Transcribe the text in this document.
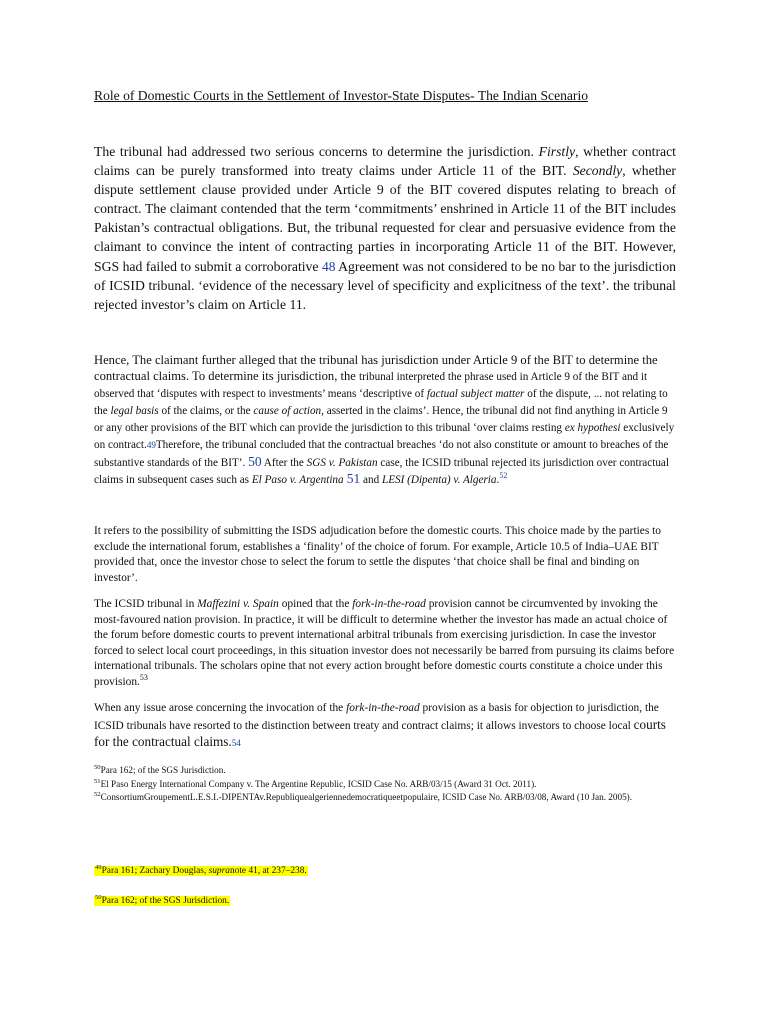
Role of Domestic Courts in the Settlement of Investor-State Disputes- The Indian Scenario

The tribunal had addressed two serious concerns to determine the jurisdiction. Firstly, whether contract claims can be purely transformed into treaty claims under Article 11 of the BIT. Secondly, whether dispute settlement clause provided under Article 9 of the BIT covered disputes relating to breach of contract. The claimant contended that the term ‘commitments’ enshrined in Article 11 of the BIT includes Pakistan’s contractual obligations. But, the tribunal requested for clear and persuasive evidence from the claimant to convince the intent of contracting parties in incorporating Article 11 of the BIT. However, SGS had failed to submit a corroborative 48 Agreement was not considered to be no bar to the jurisdiction of ICSID tribunal. ‘evidence of the necessary level of specificity and explicitness of the text’. the tribunal rejected investor’s claim on Article 11.

Hence, The claimant further alleged that the tribunal has jurisdiction under Article 9 of the BIT to determine the contractual claims. To determine its jurisdiction, the tribunal interpreted the phrase used in Article 9 of the BIT and it observed that ‘disputes with respect to investments’ means ‘descriptive of factual subject matter of the dispute, ... not relating to the legal basis of the claims, or the cause of action, asserted in the claims’. Hence, the tribunal did not find anything in Article 9 or any other provisions of the BIT which can provide the jurisdiction to this tribunal ‘over claims resting ex hypothesi exclusively on contract.49Therefore, the tribunal concluded that the contractual breaches ‘do not also constitute or amount to breaches of the substantive standards of the BIT’. 50 After the SGS v. Pakistan case, the ICSID tribunal rejected its jurisdiction over contractual claims in subsequent cases such as El Paso v. Argentina 51 and LESI (Dipenta) v. Algeria.$^{52}$

It refers to the possibility of submitting the ISDS adjudication before the domestic courts. This choice made by the parties to exclude the international forum, establishes a ‘finality’ of the choice of forum. For example, Article 10.5 of India–UAE BIT provided that, once the investor chose to select the forum to settle the disputes ‘that choice shall be final and binding on investor’.

The ICSID tribunal in Maffezini v. Spain opined that the fork-in-the-road provision cannot be circumvented by invoking the most-favoured nation provision. In practice, it will be difficult to determine whether the investor has made an actual choice of the forum before domestic courts to prevent international arbitral tribunals from exercising jurisdiction. In case the investor forced to select local court proceedings, in this situation investor does not necessarily be barred from pursuing its claims before international tribunals. The scholars opine that not every action brought before domestic courts constitute a choice under this provision.$^{53}$

When any issue arose concerning the invocation of the fork-in-the-road provision as a basis for objection to jurisdiction, the ICSID tribunals have resorted to the distinction between treaty and contract claims; it allows investors to choose local courts for the contractual claims.54

$^{50}$Para 162; of the SGS Jurisdiction.

$^{51}$El Paso Energy International Company v. The Argentine Republic, ICSID Case No. ARB/03/15 (Award 31 Oct. 2011).

$^{52}$ConsortiumGroupementL.E.S.I.-DIPENTAv.Republiquealgeriennedemocratiqueetpopulaire, ICSID Case No. ARB/03/08, Award (10 Jan. 2005).

$^{49}$Para 161; Zachary Douglas, supranote 41, at 237–238.
$^{50}$Para 162; of the SGS Jurisdiction.
